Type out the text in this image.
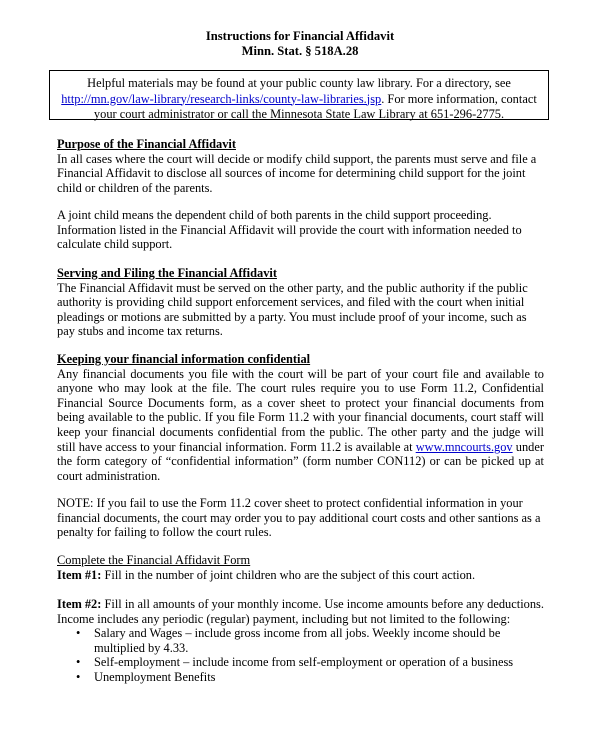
Instructions for Financial Affidavit
Minn. Stat. § 518A.28
Helpful materials may be found at your public county law library. For a directory, see
http://mn.gov/law-library/research-links/county-law-libraries.jsp. For more information, contact your court administrator or call the Minnesota State Law Library at 651-296-2775.

Purpose of the Financial Affidavit

In all cases where the court will decide or modify child support, the parents must serve and file a Financial Affidavit to disclose all sources of income for determining child support for the joint child or children of the parents.

A joint child means the dependent child of both parents in the child support proceeding. Information listed in the Financial Affidavit will provide the court with information needed to calculate child support.

Serving and Filing the Financial Affidavit

The Financial Affidavit must be served on the other party, and the public authority if the public authority is providing child support enforcement services, and filed with the court when initial pleadings or motions are submitted by a party. You must include proof of your income, such as pay stubs and income tax returns.

Keeping your financial information confidential

Any financial documents you file with the court will be part of your court file and available to anyone who may look at the file. The court rules require you to use Form 11.2, Confidential Financial Source Documents form, as a cover sheet to protect your financial documents from being available to the public. If you file Form 11.2 with your financial documents, court staff will keep your financial documents confidential from the public. The other party and the judge will still have access to your financial information. Form 11.2 is available at www.mncourts.gov under the form category of “confidential information” (form number CON112) or can be picked up at court administration.

NOTE: If you fail to use the Form 11.2 cover sheet to protect confidential information in your financial documents, the court may order you to pay additional court costs and other santions as a penalty for failing to follow the court rules.

Complete the Financial Affidavit Form

Item #1: Fill in the number of joint children who are the subject of this court action.

Item #2: Fill in all amounts of your monthly income. Use income amounts before any deductions. Income includes any periodic (regular) payment, including but not limited to the following:

• Salary and Wages – include gross income from all jobs. Weekly income should be multiplied by 4.33.
• Self-employment – include income from self-employment or operation of a business
• Unemployment Benefits
